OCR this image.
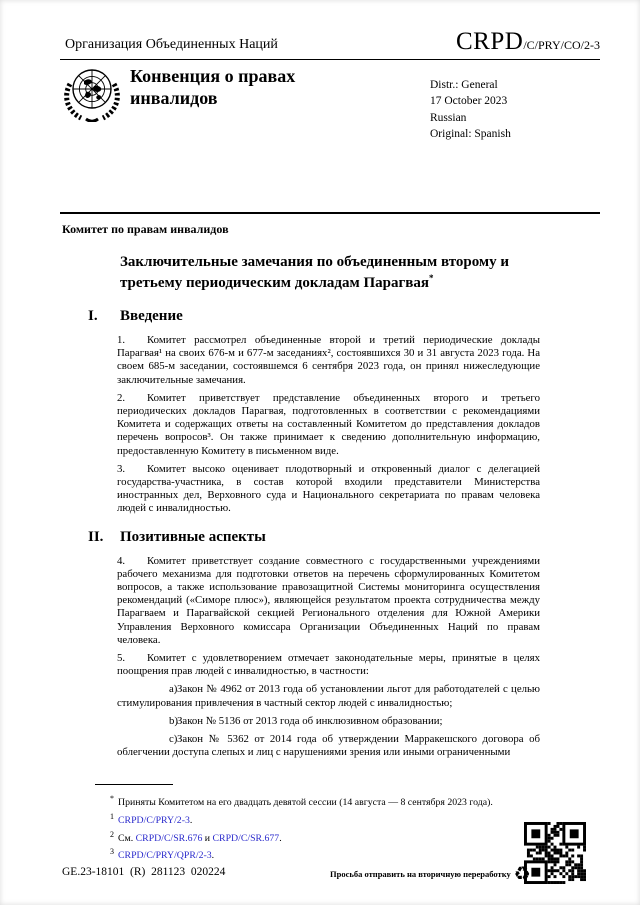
Организация Объединенных Наций	CRPD/C/PRY/CO/2-3
Конвенция о правах инвалидов
Distr.: General
17 October 2023
Russian
Original: Spanish
Комитет по правам инвалидов
Заключительные замечания по объединенным второму и третьему периодическим докладам Парагвая*
I. Введение
1. Комитет рассмотрел объединенные второй и третий периодические доклады Парагвая¹ на своих 676-м и 677-м заседаниях², состоявшихся 30 и 31 августа 2023 года. На своем 685-м заседании, состоявшемся 6 сентября 2023 года, он принял нижеследующие заключительные замечания.
2. Комитет приветствует представление объединенных второго и третьего периодических докладов Парагвая, подготовленных в соответствии с рекомендациями Комитета и содержащих ответы на составленный Комитетом до представления докладов перечень вопросов³. Он также принимает к сведению дополнительную информацию, предоставленную Комитету в письменном виде.
3. Комитет высоко оценивает плодотворный и откровенный диалог с делегацией государства-участника, в состав которой входили представители Министерства иностранных дел, Верховного суда и Национального секретариата по правам человека людей с инвалидностью.
II. Позитивные аспекты
4. Комитет приветствует создание совместного с государственными учреждениями рабочего механизма для подготовки ответов на перечень сформулированных Комитетом вопросов, а также использование правозащитной Системы мониторинга осуществления рекомендаций («Симоре плюс»), являющейся результатом проекта сотрудничества между Парагваем и Парагвайской секцией Регионального отделения для Южной Америки Управления Верховного комиссара Организации Объединенных Наций по правам человека.
5. Комитет с удовлетворением отмечает законодательные меры, принятые в целях поощрения прав людей с инвалидностью, в частности:
a)Закон № 4962 от 2013 года об установлении льгот для работодателей с целью стимулирования привлечения в частный сектор людей с инвалидностью;
b)Закон № 5136 от 2013 года об инклюзивном образовании;
c)Закон № 5362 от 2014 года об утверждении Марракешского договора об облегчении доступа слепых и лиц с нарушениями зрения или иными ограниченными
* Приняты Комитетом на его двадцать девятой сессии (14 августа — 8 сентября 2023 года).
1 CRPD/C/PRY/2-3.
2 См. CRPD/C/SR.676 и CRPD/C/SR.677.
3 CRPD/C/PRY/QPR/2-3.
GE.23-18101  (R)  281123  020224	Просьба отправить на вторичную переработку ♻
